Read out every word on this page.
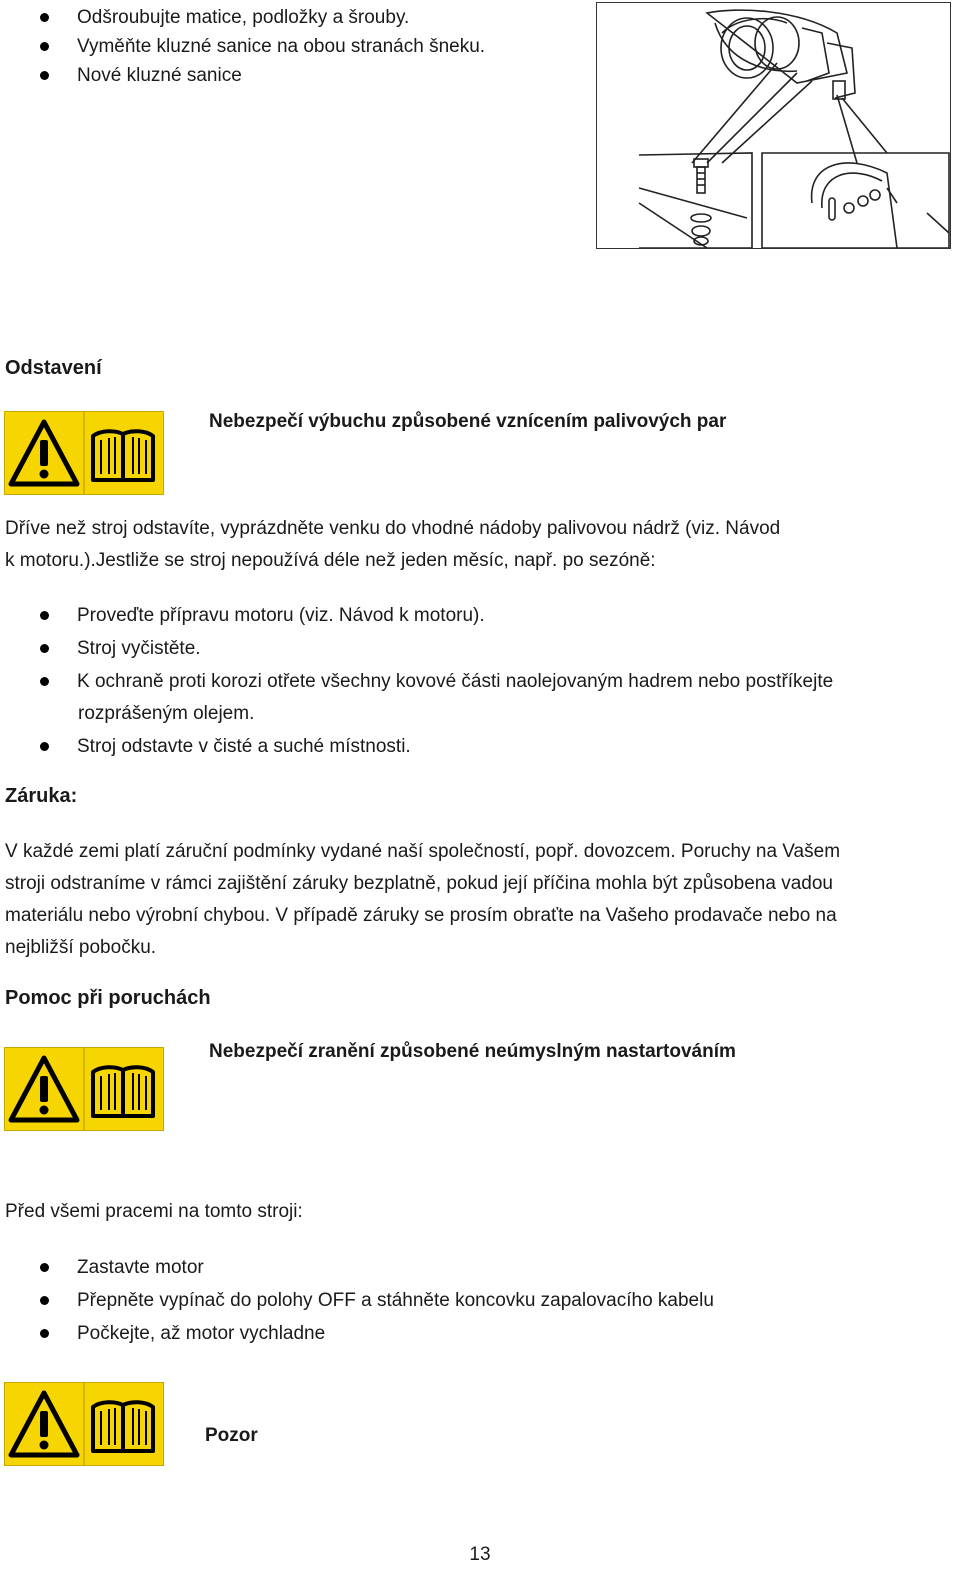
Odšroubujte matice, podložky a šrouby.
Vyměňte kluzné sanice na obou stranách šneku.
Nové kluzné sanice
Odstavení
Nebezpečí výbuchu způsobené vznícením palivových par
Dříve než stroj odstavíte, vyprázdněte venku do vhodné nádoby palivovou nádrž (viz. Návod
k motoru.).Jestliže se stroj nepoužívá déle než jeden měsíc, např. po sezóně:
Proveďte přípravu motoru (viz. Návod k motoru).
Stroj vyčistěte.
K ochraně proti korozi otřete všechny kovové části naolejovaným hadrem nebo postříkejte
rozprášeným olejem.
Stroj odstavte v čisté a suché místnosti.
Záruka:
V každé zemi platí záruční podmínky vydané naší společností, popř. dovozcem. Poruchy na Vašem
stroji odstraníme v rámci zajištění záruky bezplatně, pokud její příčina mohla být způsobena vadou
materiálu nebo výrobní chybou. V případě záruky se prosím obraťte na Vašeho prodavače nebo na
nejbližší pobočku.
Pomoc při poruchách
Nebezpečí zranění způsobené neúmyslným nastartováním
Před všemi pracemi na tomto stroji:
Zastavte motor
Přepněte vypínač do polohy OFF a stáhněte koncovku zapalovacího kabelu
Počkejte, až motor vychladne
Pozor
13
